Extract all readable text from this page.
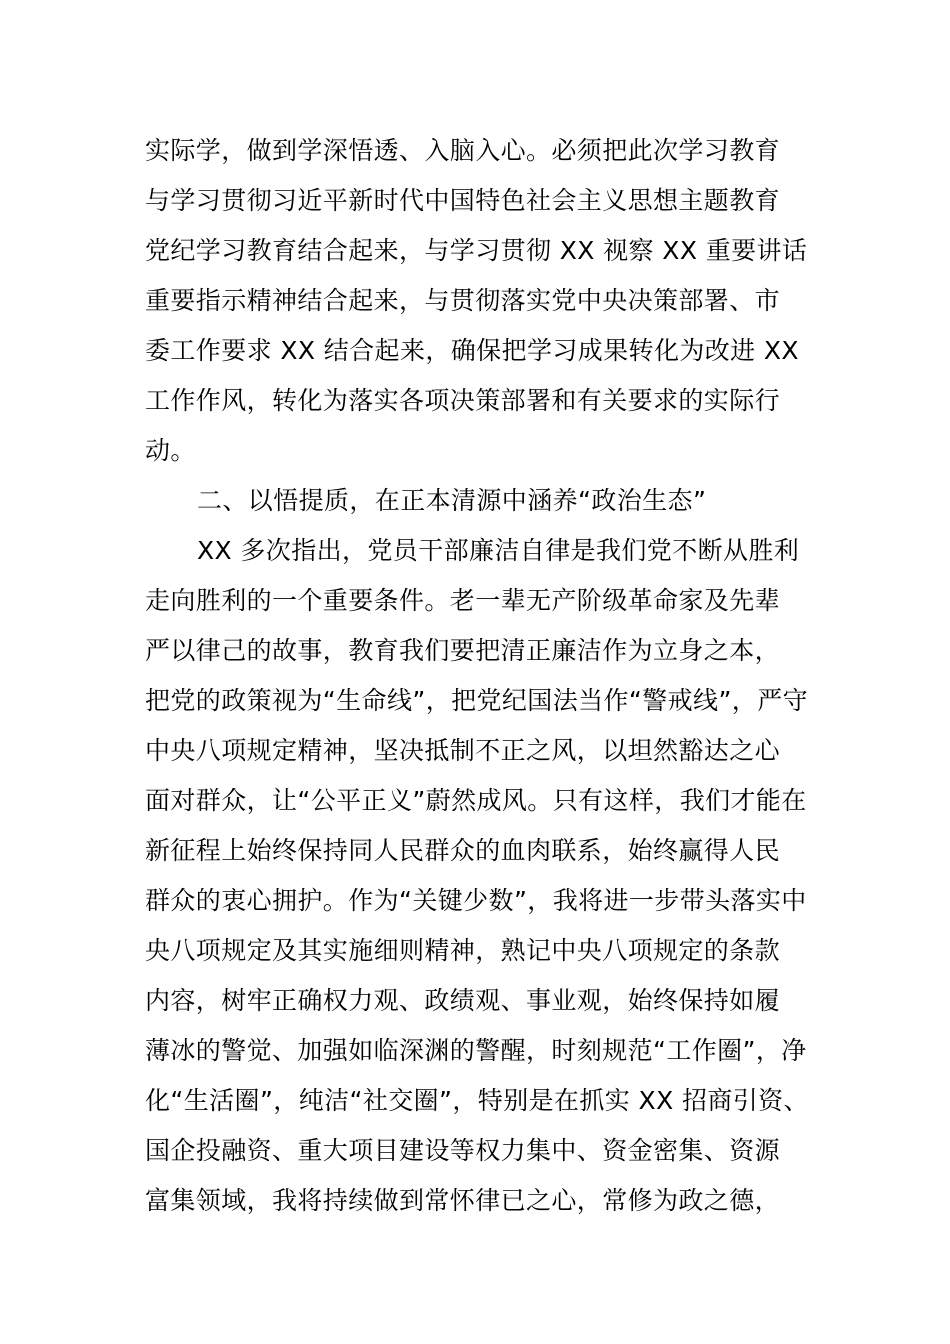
实际学，做到学深悟透、入脑入心。必须把此次学习教育
与学习贯彻习近平新时代中国特色社会主义思想主题教育
党纪学习教育结合起来，与学习贯彻 XX 视察 XX 重要讲话
重要指示精神结合起来，与贯彻落实党中央决策部署、市
委工作要求 XX 结合起来，确保把学习成果转化为改进 XX
工作作风，转化为落实各项决策部署和有关要求的实际行
动。
二、以悟提质，在正本清源中涵养“政治生态”
XX 多次指出，党员干部廉洁自律是我们党不断从胜利
走向胜利的一个重要条件。老一辈无产阶级革命家及先辈
严以律己的故事，教育我们要把清正廉洁作为立身之本，
把党的政策视为“生命线”，把党纪国法当作“警戒线”，严守
中央八项规定精神，坚决抵制不正之风，以坦然豁达之心
面对群众，让“公平正义”蔚然成风。只有这样，我们才能在
新征程上始终保持同人民群众的血肉联系，始终赢得人民
群众的衷心拥护。作为“关键少数”，我将进一步带头落实中
央八项规定及其实施细则精神，熟记中央八项规定的条款
内容，树牢正确权力观、政绩观、事业观，始终保持如履
薄冰的警觉、加强如临深渊的警醒，时刻规范“工作圈”，净
化“生活圈”，纯洁“社交圈”，特别是在抓实 XX 招商引资、
国企投融资、重大项目建设等权力集中、资金密集、资源
富集领域，我将持续做到常怀律已之心，常修为政之德，
